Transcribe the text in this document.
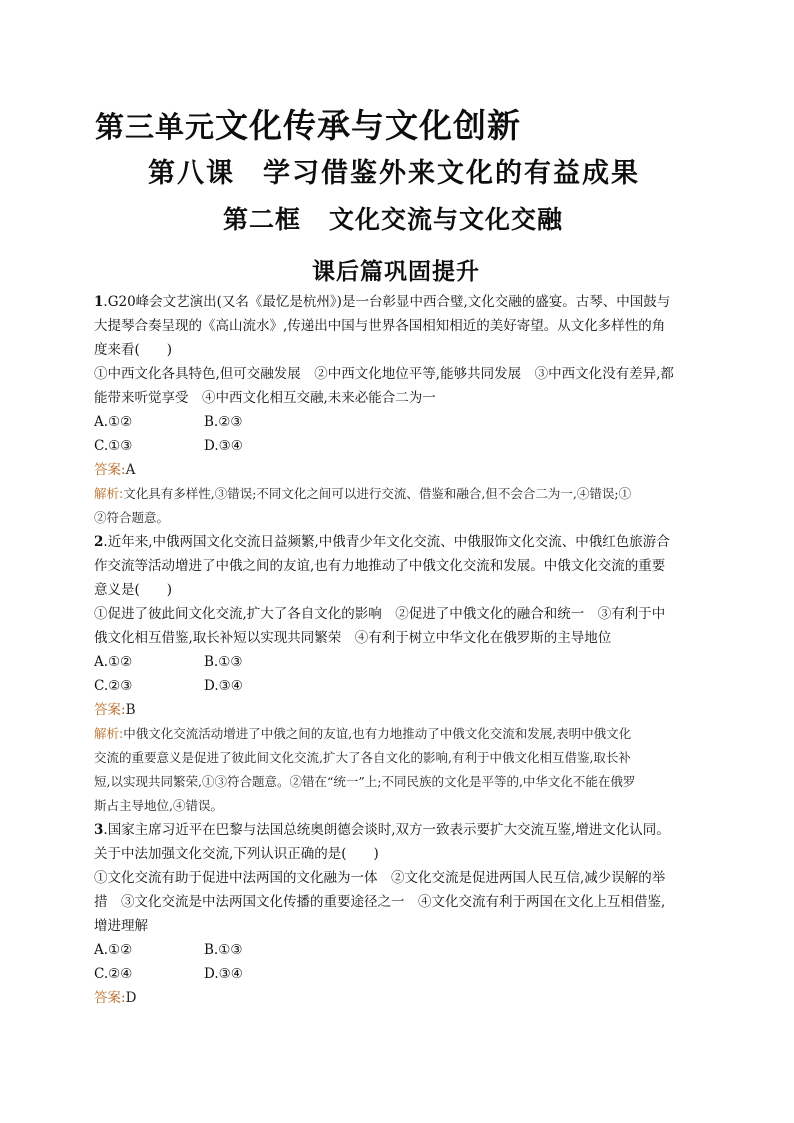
第三单元文化传承与文化创新
第八课 学习借鉴外来文化的有益成果
第二框 文化交流与文化交融
课后篇巩固提升
1.G20峰会文艺演出(又名《最忆是杭州》)是一台彰显中西合璧,文化交融的盛宴。古琴、中国鼓与
大提琴合奏呈现的《高山流水》,传递出中国与世界各国相知相近的美好寄望。从文化多样性的角
度来看(　　)
①中西文化各具特色,但可交融发展　②中西文化地位平等,能够共同发展　③中西文化没有差异,都
能带来听觉享受　④中西文化相互交融,未来必能合二为一
A.①②	B.②③
C.①③	D.③④
答案:A
解析:文化具有多样性,③错误;不同文化之间可以进行交流、借鉴和融合,但不会合二为一,④错误;①
②符合题意。
2.近年来,中俄两国文化交流日益频繁,中俄青少年文化交流、中俄服饰文化交流、中俄红色旅游合
作交流等活动增进了中俄之间的友谊,也有力地推动了中俄文化交流和发展。中俄文化交流的重要
意义是(　　)
①促进了彼此间文化交流,扩大了各自文化的影响　②促进了中俄文化的融合和统一　③有利于中
俄文化相互借鉴,取长补短以实现共同繁荣　④有利于树立中华文化在俄罗斯的主导地位
A.①②	B.①③
C.②③	D.③④
答案:B
解析:中俄文化交流活动增进了中俄之间的友谊,也有力地推动了中俄文化交流和发展,表明中俄文化
交流的重要意义是促进了彼此间文化交流,扩大了各自文化的影响,有利于中俄文化相互借鉴,取长补
短,以实现共同繁荣,①③符合题意。②错在“统一”上;不同民族的文化是平等的,中华文化不能在俄罗
斯占主导地位,④错误。
3.国家主席习近平在巴黎与法国总统奥朗德会谈时,双方一致表示要扩大交流互鉴,增进文化认同。
关于中法加强文化交流,下列认识正确的是(　　)
①文化交流有助于促进中法两国的文化融为一体　②文化交流是促进两国人民互信,减少误解的举
措　③文化交流是中法两国文化传播的重要途径之一　④文化交流有利于两国在文化上互相借鉴,
增进理解
A.①②	B.①③
C.②④	D.③④
答案:D
